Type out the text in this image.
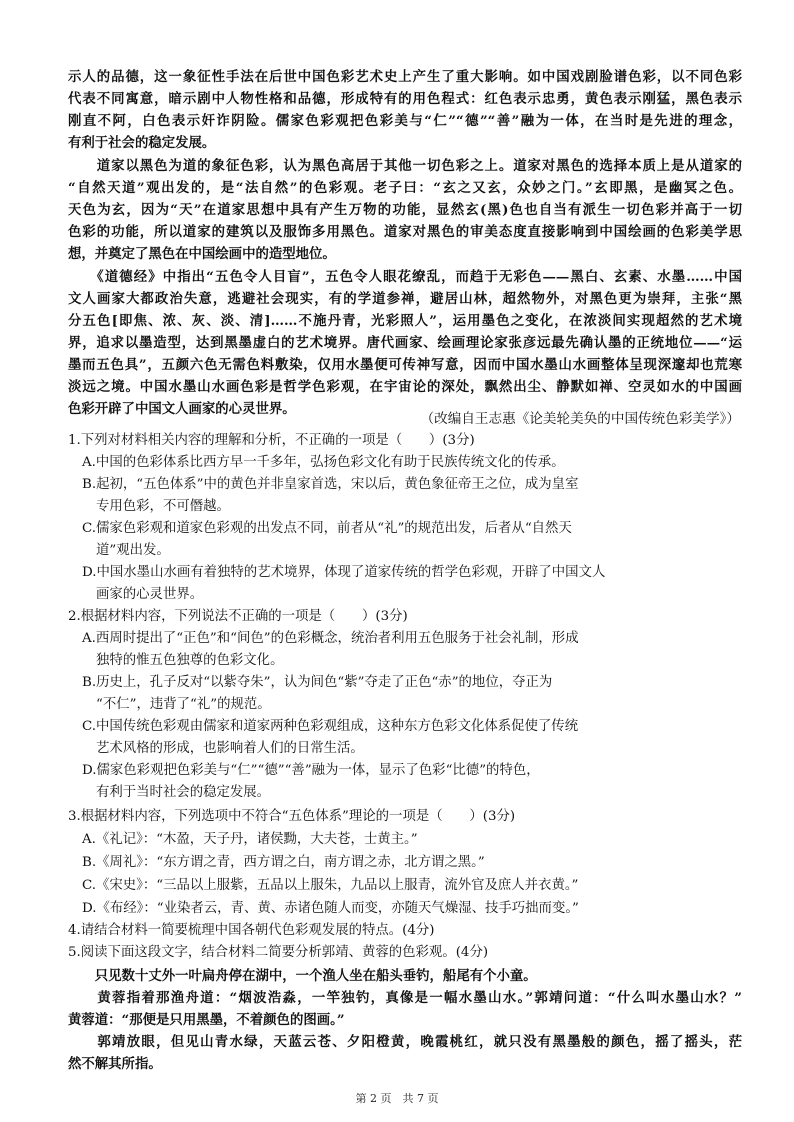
示人的品德，这一象征性手法在后世中国色彩艺术史上产生了重大影响。如中国戏剧脸谱色彩，以不同色彩
代表不同寓意，暗示剧中人物性格和品德，形成特有的用色程式：红色表示忠勇，黄色表示刚猛，黑色表示
刚直不阿，白色表示奸诈阴险。儒家色彩观把色彩美与“仁”“德”“善”融为一体，在当时是先进的理念，
有利于社会的稳定发展。
　　道家以黑色为道的象征色彩，认为黑色高居于其他一切色彩之上。道家对黑色的选择本质上是从道家的
“自然天道”观出发的，是“法自然”的色彩观。老子曰：“玄之又玄，众妙之门。”玄即黑，是幽冥之色。
天色为玄，因为“天”在道家思想中具有产生万物的功能，显然玄(黑)色也自当有派生一切色彩并高于一切
色彩的功能，所以道家的建筑以及服饰多用黑色。道家对黑色的审美态度直接影响到中国绘画的色彩美学思
想，并奠定了黑色在中国绘画中的造型地位。
　　《道德经》中指出“五色令人目盲”，五色令人眼花缭乱，而趋于无彩色——黑白、玄素、水墨……中国
文人画家大都政治失意，逃避社会现实，有的学道参禅，避居山林，超然物外，对黑色更为崇拜，主张“黑
分五色[即焦、浓、灰、淡、清]……不施丹青，光彩照人”，运用墨色之变化，在浓淡间实现超然的艺术境
界，追求以墨造型，达到黑墨虚白的艺术境界。唐代画家、绘画理论家张彦远最先确认墨的正统地位——“运
墨而五色具”，五颜六色无需色料敷染，仅用水墨便可传神写意，因而中国水墨山水画整体呈现深邃却也荒寒
淡远之境。中国水墨山水画色彩是哲学色彩观，在宇宙论的深处，飘然出尘、静默如禅、空灵如水的中国画
色彩开辟了中国文人画家的心灵世界。
（改编自王志惠《论美轮美奂的中国传统色彩美学》）
1.下列对材料相关内容的理解和分析，不正确的一项是（　　）(3分)
A.中国的色彩体系比西方早一千多年，弘扬色彩文化有助于民族传统文化的传承。
B.起初，“五色体系”中的黄色并非皇家首选，宋以后，黄色象征帝王之位，成为皇室
专用色彩，不可僭越。
C.儒家色彩观和道家色彩观的出发点不同，前者从“礼”的规范出发，后者从“自然天
道”观出发。
D.中国水墨山水画有着独特的艺术境界，体现了道家传统的哲学色彩观，开辟了中国文人
画家的心灵世界。
2.根据材料内容，下列说法不正确的一项是（　　）(3分)
A.西周时提出了“正色”和“间色”的色彩概念，统治者利用五色服务于社会礼制，形成
独特的惟五色独尊的色彩文化。
B.历史上，孔子反对“以紫夺朱”，认为间色“紫”夺走了正色“赤”的地位，夺正为
“不仁”，违背了“礼”的规范。
C.中国传统色彩观由儒家和道家两种色彩观组成，这种东方色彩文化体系促使了传统
艺术风格的形成，也影响着人们的日常生活。
D.儒家色彩观把色彩美与“仁”“德”“善”融为一体，显示了色彩“比德”的特色，
有利于当时社会的稳定发展。
3.根据材料内容，下列选项中不符合“五色体系”理论的一项是（　　）(3分)
A.《礼记》：“木盈，天子丹，诸侯黝，大夫苍，士黄主。”
B.《周礼》：“东方谓之青，西方谓之白，南方谓之赤，北方谓之黑。”
C.《宋史》：“三品以上服紫，五品以上服朱，九品以上服青，流外官及庶人并衣黄。”
D.《布经》：“业染者云，青、黄、赤诸色随人而变，亦随天气燥湿、技手巧拙而变。”
4.请结合材料一简要梳理中国各朝代色彩观发展的特点。(4分)
5.阅读下面这段文字，结合材料二简要分析郭靖、黄蓉的色彩观。(4分)
　　只见数十丈外一叶扁舟停在湖中，一个渔人坐在船头垂钓，船尾有个小童。
　　黄蓉指着那渔舟道：“烟波浩淼，一竿独钓，真像是一幅水墨山水。”郭靖问道：“什么叫水墨山水？”
黄蓉道：“那便是只用黑墨，不着颜色的图画。”
　　郭靖放眼，但见山青水绿，天蓝云苍、夕阳橙黄，晚霞桃红，就只没有黑墨般的颜色，摇了摇头，茫
然不解其所指。
第 2 页　共 7 页
